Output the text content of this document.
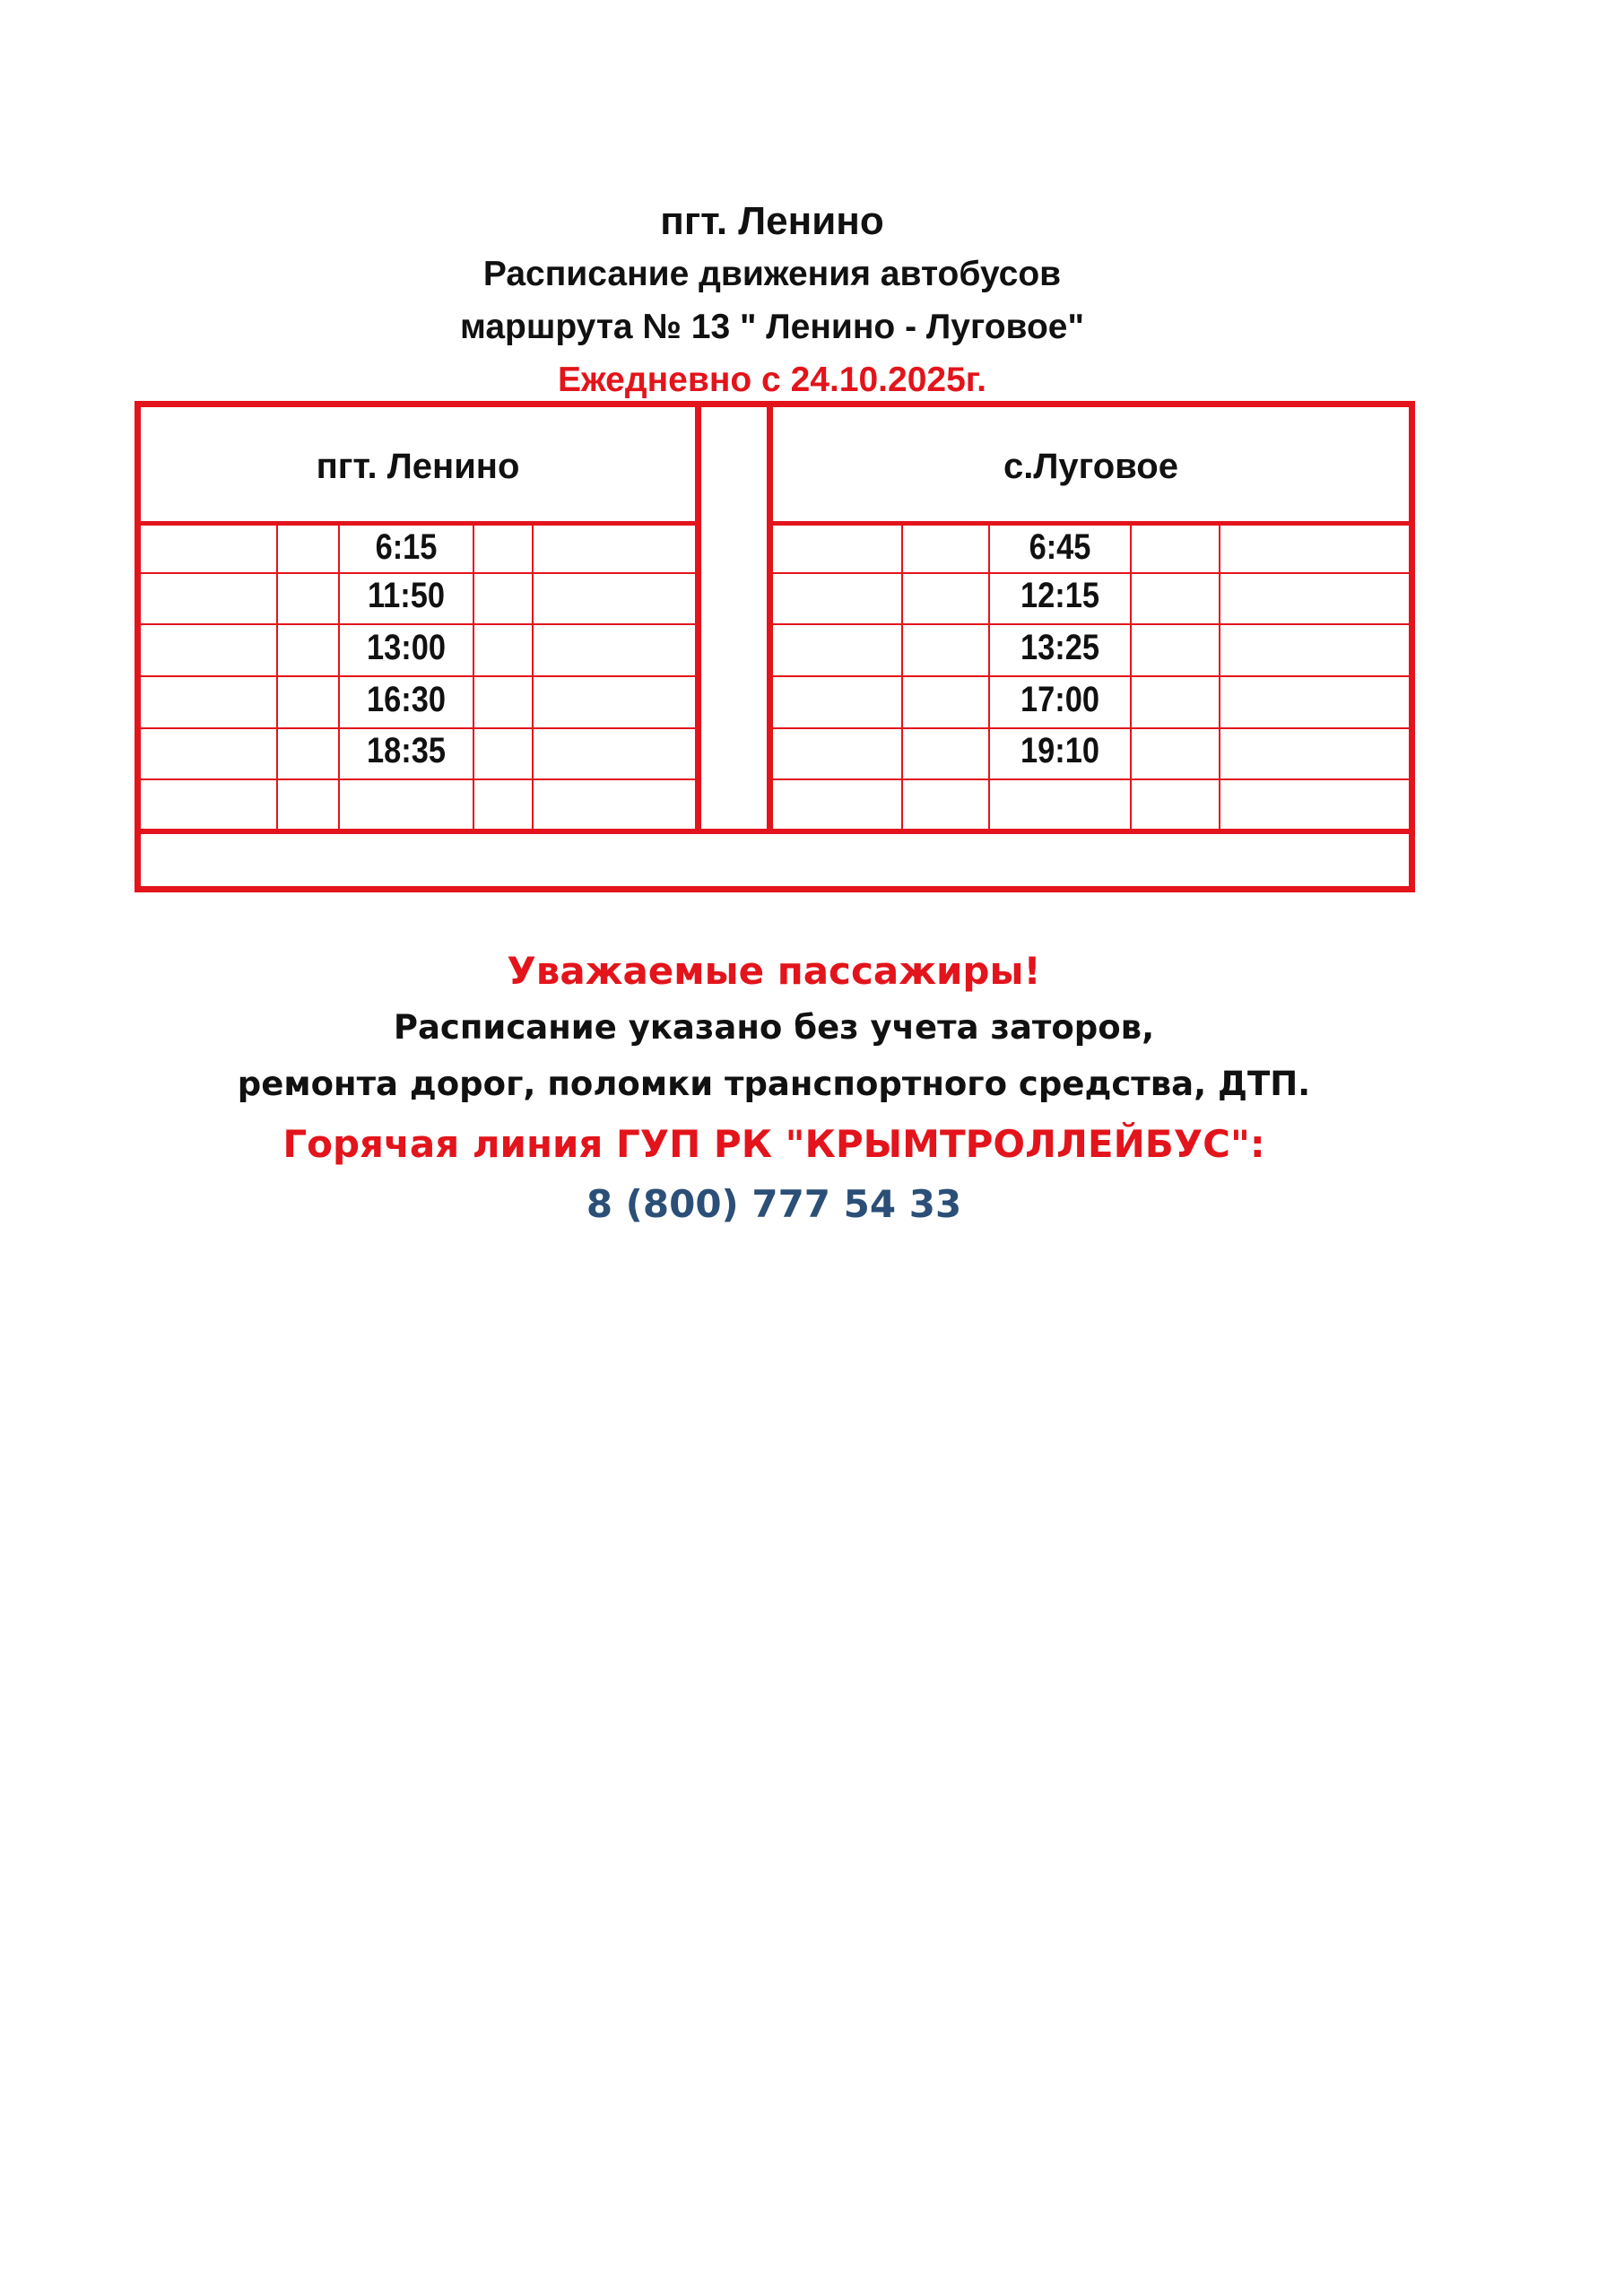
пгт. Ленино
Расписание движения автобусов
маршрута № 13 " Ленино - Луговое"
Ежедневно с 24.10.2025г.
пгт. Ленино	с.Луговое
6:15
11:50
13:00
16:30
18:35
6:45
12:15
13:25
17:00
19:10
Уважаемые пассажиры!
Расписание указано без учета заторов,
ремонта дорог, поломки транспортного средства, ДТП.
Горячая линия ГУП РК "КРЫМТРОЛЛЕЙБУС":
8 (800) 777 54 33
